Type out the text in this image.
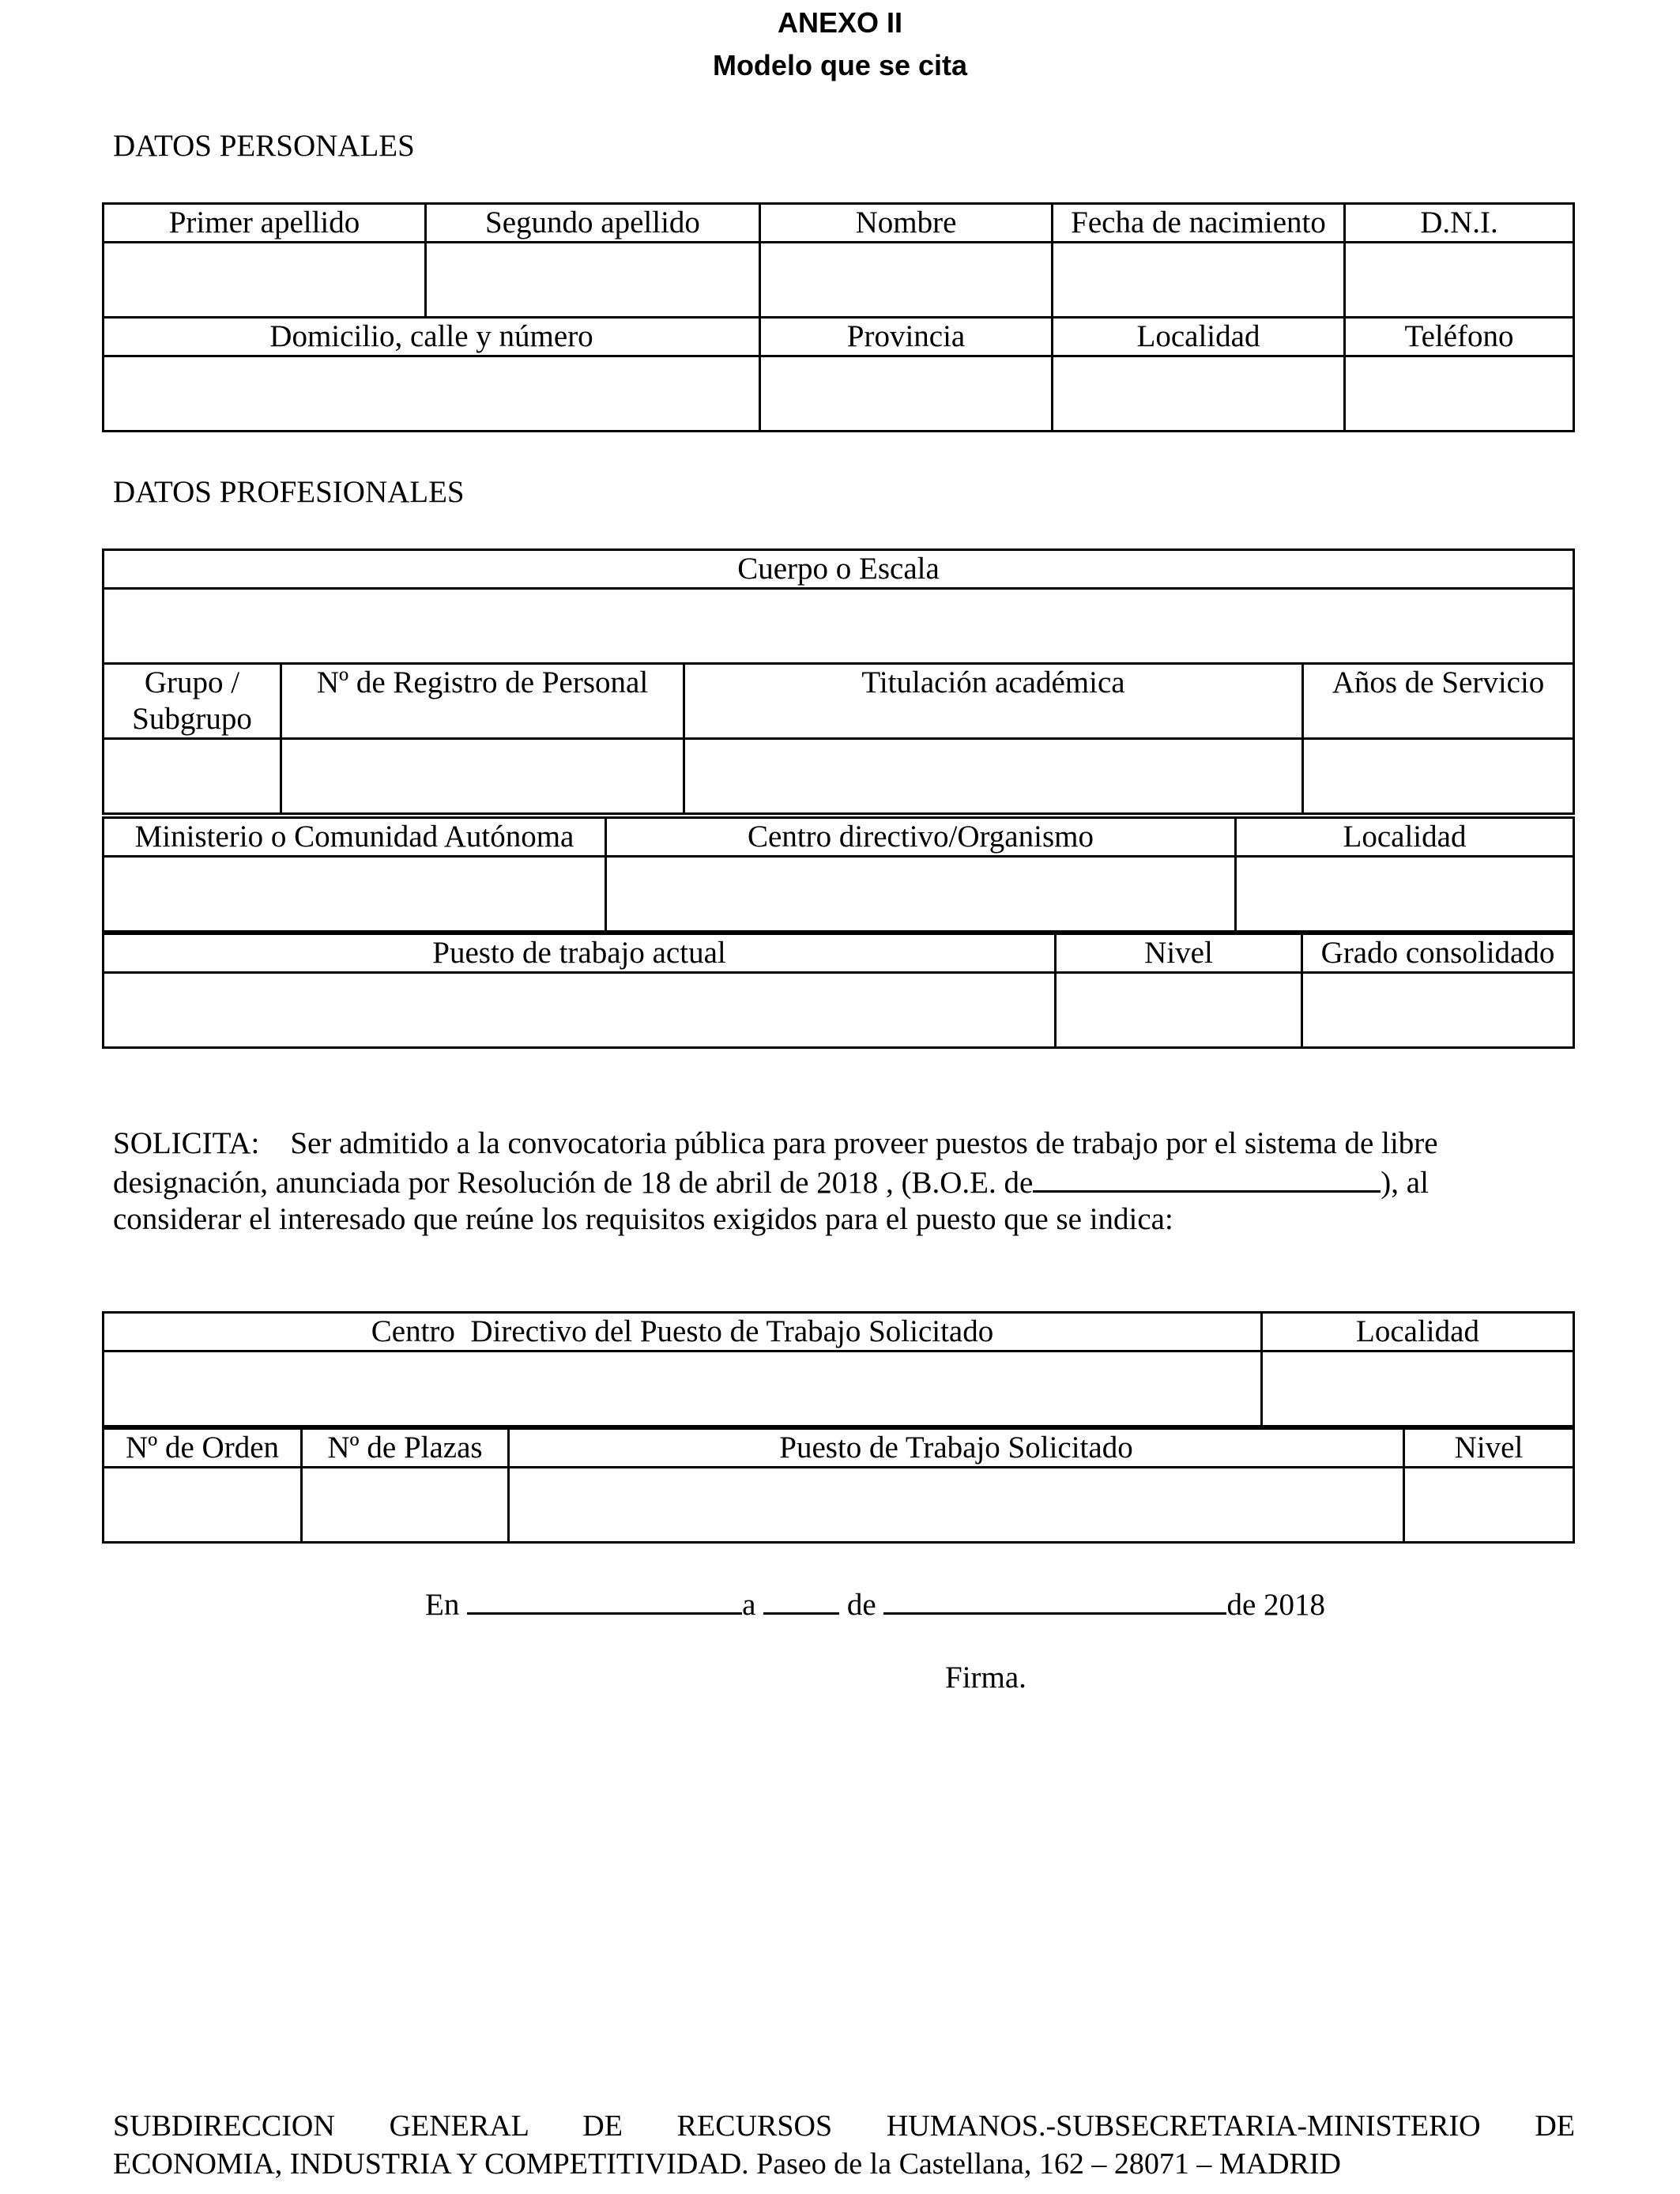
ANEXO II
Modelo que se cita
DATOS PERSONALES
Primer apellido	Segundo apellido	Nombre	Fecha de nacimiento	D.N.I.

Domicilio, calle y número		Provincia	Localidad	Teléfono

DATOS PROFESIONALES
Cuerpo o Escala			

Grupo / Subgrupo	Nº de Registro de Personal	Titulación académica	Años de Servicio

Ministerio o Comunidad Autónoma	Centro directivo/Organismo	Localidad

Puesto de trabajo actual	Nivel	Grado consolidado

SOLICITA:    Ser admitido a la convocatoria pública para proveer puestos de trabajo por el sistema de libre
designación, anunciada por Resolución de 18 de abril de 2018 , (B.O.E. de	), al
considerar el interesado que reúne los requisitos exigidos para el puesto que se indica:
Centro  Directivo del Puesto de Trabajo Solicitado	Localidad

Nº de Orden	Nº de Plazas	Puesto de Trabajo Solicitado	Nivel

En	a	de	de 2018
Firma.
SUBDIRECCION GENERAL DE RECURSOS HUMANOS.-SUBSECRETARIA-MINISTERIO DE
ECONOMIA, INDUSTRIA Y COMPETITIVIDAD. Paseo de la Castellana, 162 – 28071 – MADRID
